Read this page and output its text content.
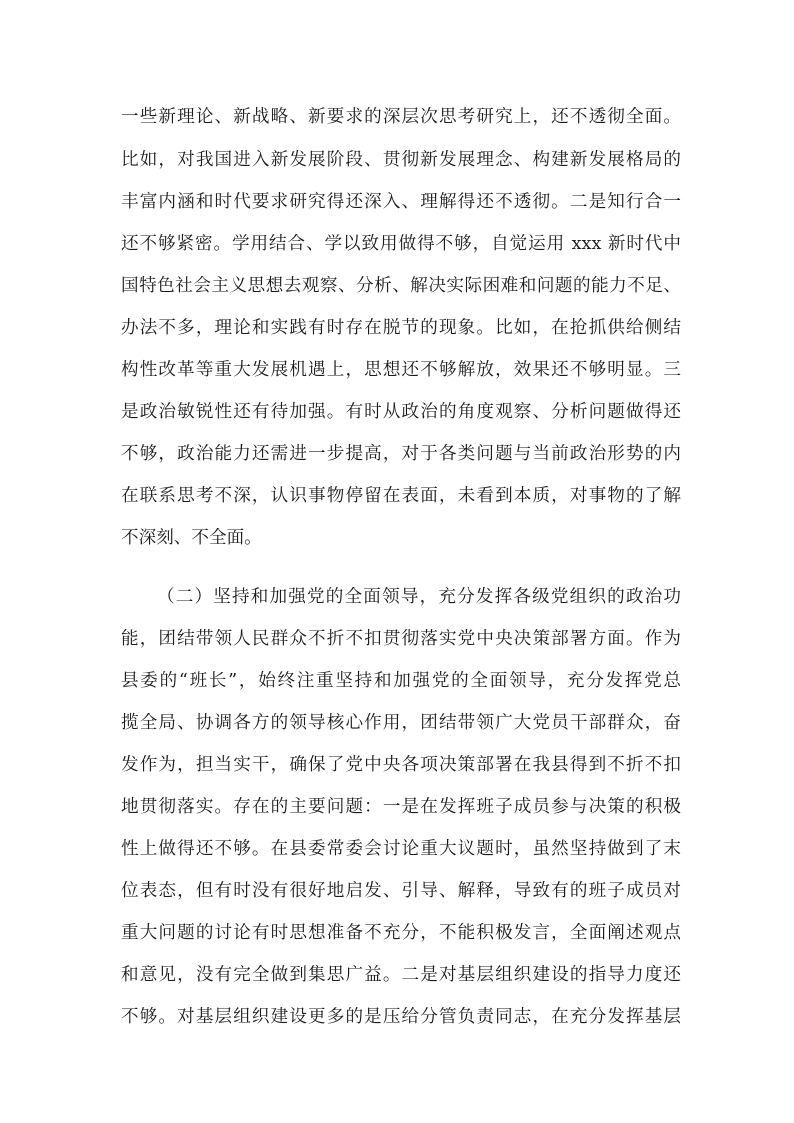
一些新理论、新战略、新要求的深层次思考研究上，还不透彻全面。
比如，对我国进入新发展阶段、贯彻新发展理念、构建新发展格局的
丰富内涵和时代要求研究得还深入、理解得还不透彻。二是知行合一
还不够紧密。学用结合、学以致用做得不够，自觉运用 xxx 新时代中
国特色社会主义思想去观察、分析、解决实际困难和问题的能力不足、
办法不多，理论和实践有时存在脱节的现象。比如，在抢抓供给侧结
构性改革等重大发展机遇上，思想还不够解放，效果还不够明显。三
是政治敏锐性还有待加强。有时从政治的角度观察、分析问题做得还
不够，政治能力还需进一步提高，对于各类问题与当前政治形势的内
在联系思考不深，认识事物停留在表面，未看到本质，对事物的了解
不深刻、不全面。
（二）坚持和加强党的全面领导，充分发挥各级党组织的政治功
能，团结带领人民群众不折不扣贯彻落实党中央决策部署方面。作为
县委的“班长”，始终注重坚持和加强党的全面领导，充分发挥党总
揽全局、协调各方的领导核心作用，团结带领广大党员干部群众，奋
发作为，担当实干，确保了党中央各项决策部署在我县得到不折不扣
地贯彻落实。存在的主要问题：一是在发挥班子成员参与决策的积极
性上做得还不够。在县委常委会讨论重大议题时，虽然坚持做到了末
位表态，但有时没有很好地启发、引导、解释，导致有的班子成员对
重大问题的讨论有时思想准备不充分，不能积极发言，全面阐述观点
和意见，没有完全做到集思广益。二是对基层组织建设的指导力度还
不够。对基层组织建设更多的是压给分管负责同志，在充分发挥基层
